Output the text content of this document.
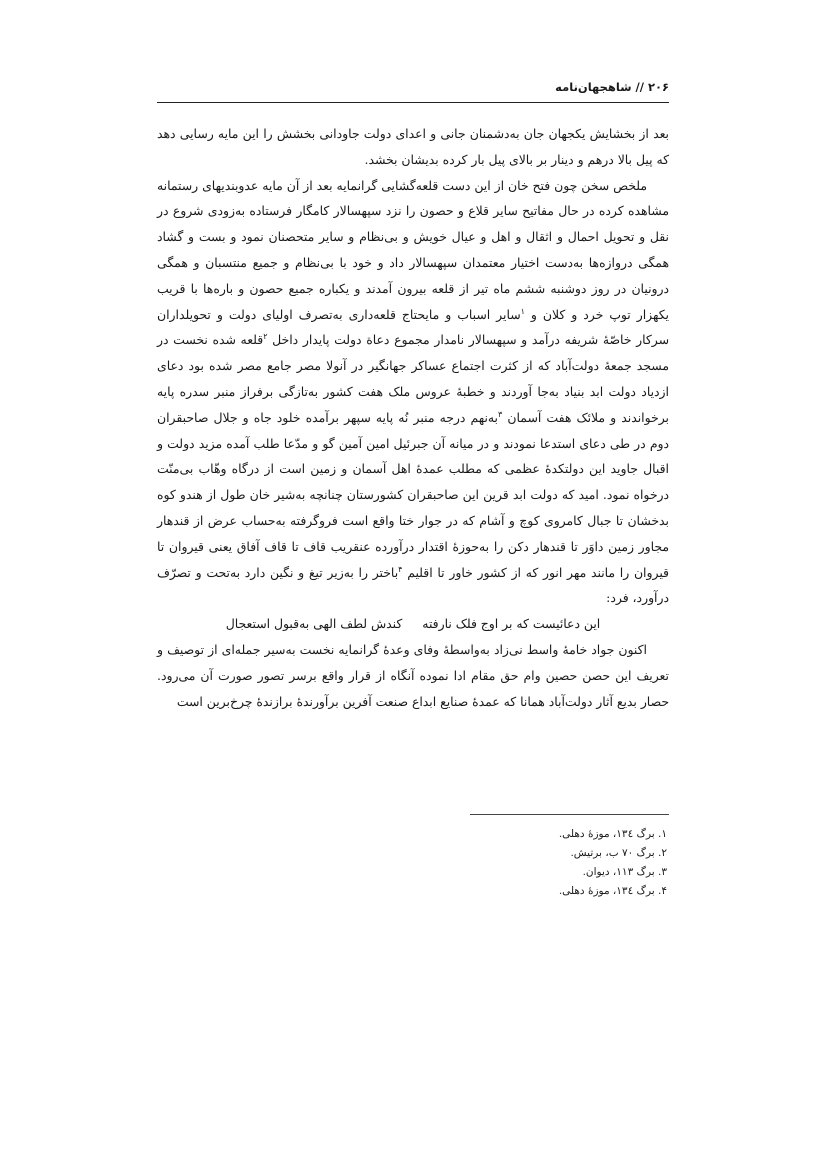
۲۰۶ // شاهجهان‌نامه

بعد از بخشایش یکجهان جان به‌دشمنان جانی و اعدای دولت جاودانی بخشش را این مایه رسایی دهد که پیل بالا درهم و دینار بر بالای پیل بار کرده بدیشان بخشد.

ملخص سخن چون فتح خان از این دست قلعه‌گشایی گرانمایه بعد از آن مایه عدوبندیهای رستمانه مشاهده کرده در حال مفاتیح سایر قلاع و حصون را نزد سپهسالار کامگار فرستاده به‌زودی شروع در نقل و تحویل احمال و اثقال و اهل و عیال خویش و بی‌نظام و سایر متحصنان نمود و بست و گشاد همگی دروازه‌ها به‌دست اختیار معتمدان سپهسالار داد و خود با بی‌نظام و جمیع منتسبان و همگی درونیان در روز دوشنبه ششم ماه تیر از قلعه بیرون آمدند و یکباره جمیع حصون و باره‌ها با قریب یکهزار توپ خرد و کلان و $^۱$سایر اسباب و مایحتاج قلعه‌داری به‌تصرف اولیای دولت و تحویلداران سرکار خاصّهٔ شریفه درآمد و سپهسالار نامدار مجموع دعاة دولت پایدار داخل $^۲$قلعه شده نخست در مسجد جمعهٔ دولت‌آباد که از کثرت اجتماع عساکر جهانگیر در آنولا مصر جامع مصر شده بود دعای ازدیاد دولت ابد بنیاد به‌جا آوردند و خطبهٔ عروس ملک هفت کشور به‌تازگی برفراز منبر سدره پایه برخواندند و ملائک هفت آسمان $^۳$به‌نهم درجه منبر نُه پایه سپهر برآمده خلود جاه و جلال صاحبقران دوم در طی دعای استدعا نمودند و در میانه آن جبرئیل امین آمین گو و مدّعا طلب آمده مزید دولت و اقبال جاوید این دولتکدهٔ عظمی که مطلب عمدهٔ اهل آسمان و زمین است از درگاه وهّاب بی‌منّت درخواه نمود. امید که دولت ابد قرین این صاحبقران کشورستان چنانچه به‌شیر خان طول از هندو کوه بدخشان تا جبال کامروی کوچ و آشام که در جوار ختا واقع است فروگرفته به‌حساب عرض از قندهار مجاور زمین داوَر تا قندهار دکن را به‌حوزهٔ اقتدار درآورده عنقریب قاف تا قاف آفاق یعنی قیروان تا قیروان را مانند مهر انور که از کشور خاور تا اقلیم $^۴$باختر را به‌زیر تیغ و نگین دارد به‌تحت و تصرّف درآورد، فرد:

این دعائیست که بر اوج فلک نارفتهکندش لطف الهی به‌قبول استعجال

اکنون جواد خامهٔ واسط نی‌زاد به‌واسطهٔ وفای وعدهٔ گرانمایه نخست به‌سیر جمله‌ای از توصیف و تعریف این حصن حصین وام حق مقام ادا نموده آنگاه از قرار واقع برسر تصور صورت آن می‌رود. حصار بدیع آثار دولت‌آباد همانا که عمدهٔ صنایع ابداع صنعت آفرین برآورندهٔ برازندهٔ چرخ‌برین است

۱. برگ ۱۳٤، موزهٔ دهلی.
۲. برگ ۷۰ ب، برتیش.
۳. برگ ۱۱۳، دیوان.
۴. برگ ۱۳٤، موزهٔ دهلی.
